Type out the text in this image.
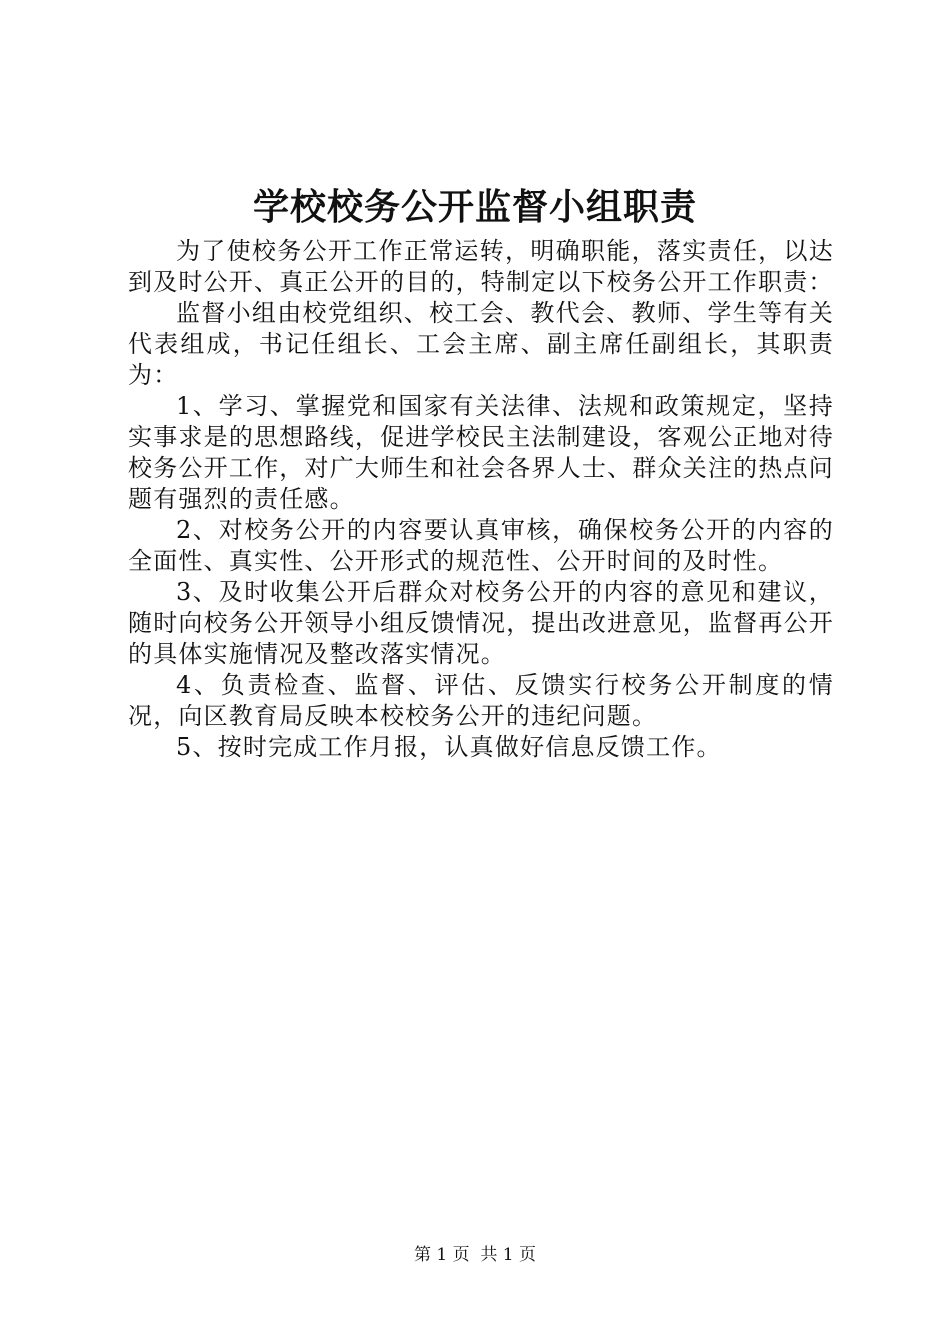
学校校务公开监督小组职责

为了使校务公开工作正常运转，明确职能，落实责任，以达到及时公开、真正公开的目的，特制定以下校务公开工作职责：

监督小组由校党组织、校工会、教代会、教师、学生等有关代表组成，书记任组长、工会主席、副主席任副组长，其职责为：

1、学习、掌握党和国家有关法律、法规和政策规定，坚持实事求是的思想路线，促进学校民主法制建设，客观公正地对待校务公开工作，对广大师生和社会各界人士、群众关注的热点问题有强烈的责任感。

2、对校务公开的内容要认真审核，确保校务公开的内容的全面性、真实性、公开形式的规范性、公开时间的及时性。

3、及时收集公开后群众对校务公开的内容的意见和建议，随时向校务公开领导小组反馈情况，提出改进意见，监督再公开的具体实施情况及整改落实情况。

4、负责检查、监督、评估、反馈实行校务公开制度的情况，向区教育局反映本校校务公开的违纪问题。

5、按时完成工作月报，认真做好信息反馈工作。

第 1 页 共 1 页
